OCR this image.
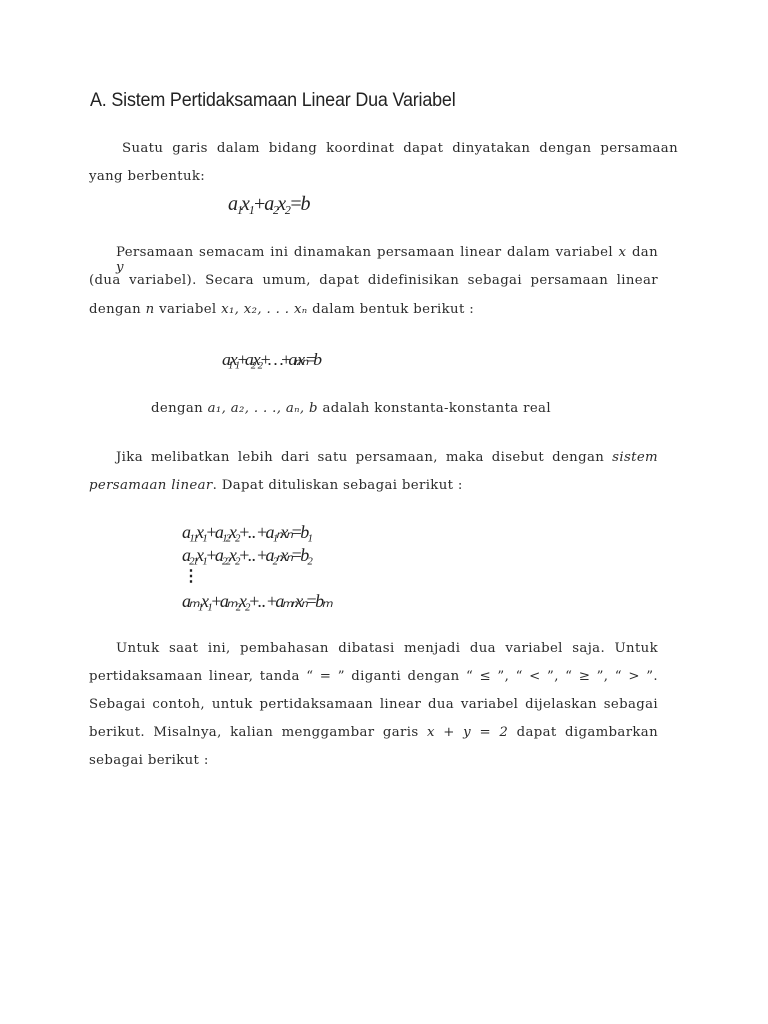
A. Sistem Pertidaksamaan Linear Dua Variabel
Suatu garis dalam bidang koordinat dapat dinyatakan dengan persamaan
yang berbentuk:
a₁x₁+a₂x₂=b
Persamaan semacam ini dinamakan persamaan linear dalam variabel x dan y
(dua variabel). Secara umum, dapat didefinisikan sebagai persamaan linear
dengan n variabel x₁, x₂, . . . xₙ dalam bentuk berikut :
a₁x₁+a₂x₂+…+aₙxₙ=b
dengan a₁, a₂, . . ., aₙ, b adalah konstanta-konstanta real
Jika melibatkan lebih dari satu persamaan, maka disebut dengan sistem
persamaan linear. Dapat dituliskan sebagai berikut :
a₁₁x₁+a₁₂x₂+. . +a₁ₙxₙ=b₁
a₂₁x₁+a₂₂x₂+. . +a₂ₙxₙ=b₂
⋮
aₘ₁x₁+aₘ₂x₂+. . +aₘₙxₙ=bₘ
Untuk saat ini, pembahasan dibatasi menjadi dua variabel saja. Untuk
pertidaksamaan linear, tanda “ = ” diganti dengan “ ≤ ”, “ < ”, “ ≥ ”, “ > ”.
Sebagai contoh, untuk pertidaksamaan linear dua variabel dijelaskan sebagai
berikut. Misalnya, kalian menggambar garis x + y = 2 dapat digambarkan
sebagai berikut :
